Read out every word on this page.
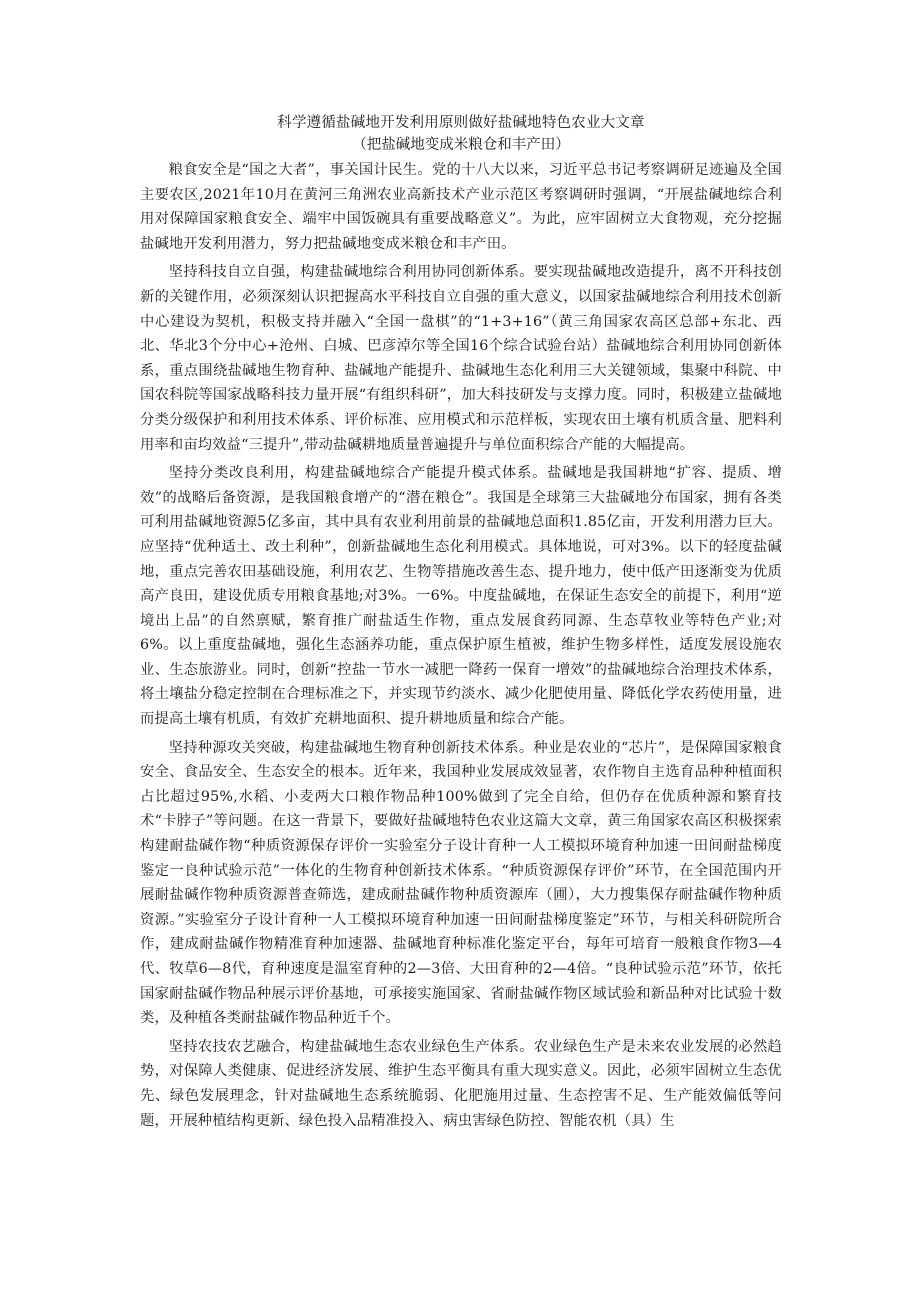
科学遵循盐碱地开发利用原则做好盐碱地特色农业大文章
（把盐碱地变成米粮仓和丰产田）

粮食安全是“国之大者”，事关国计民生。党的十八大以来，习近平总书记考察调研足迹遍及全国主要农区,2021年10月在黄河三角洲农业高新技术产业示范区考察调研时强调，“开展盐碱地综合利用对保障国家粮食安全、端牢中国饭碗具有重要战略意义”。为此，应牢固树立大食物观，充分挖掘盐碱地开发利用潜力，努力把盐碱地变成米粮仓和丰产田。

坚持科技自立自强，构建盐碱地综合利用协同创新体系。要实现盐碱地改造提升，离不开科技创新的关键作用，必须深刻认识把握高水平科技自立自强的重大意义，以国家盐碱地综合利用技术创新中心建设为契机，积极支持并融入“全国一盘棋”的“1+3+16”（黄三角国家农高区总部+东北、西北、华北3个分中心+沧州、白城、巴彦淖尔等全国16个综合试验台站）盐碱地综合利用协同创新体系，重点围绕盐碱地生物育种、盐碱地产能提升、盐碱地生态化利用三大关键领域，集聚中科院、中国农科院等国家战略科技力量开展“有组织科研”，加大科技研发与支撑力度。同时，积极建立盐碱地分类分级保护和利用技术体系、评价标准、应用模式和示范样板，实现农田土壤有机质含量、肥料利用率和亩均效益“三提升”,带动盐碱耕地质量普遍提升与单位面积综合产能的大幅提高。

坚持分类改良利用，构建盐碱地综合产能提升模式体系。盐碱地是我国耕地“扩容、提质、增效”的战略后备资源，是我国粮食增产的“潜在粮仓”。我国是全球第三大盐碱地分布国家，拥有各类可利用盐碱地资源5亿多亩，其中具有农业利用前景的盐碱地总面积1.85亿亩，开发利用潜力巨大。应坚持“优种适土、改土利种”，创新盐碱地生态化利用模式。具体地说，可对3%。以下的轻度盐碱地，重点完善农田基础设施，利用农艺、生物等措施改善生态、提升地力，使中低产田逐渐变为优质高产良田，建设优质专用粮食基地;对3%。一6%。中度盐碱地，在保证生态安全的前提下，利用“逆境出上品”的自然禀赋，繁育推广耐盐适生作物，重点发展食药同源、生态草牧业等特色产业;对6%。以上重度盐碱地，强化生态涵养功能，重点保护原生植被，维护生物多样性，适度发展设施农业、生态旅游业。同时，创新“控盐一节水一减肥一降药一保育一增效”的盐碱地综合治理技术体系，将土壤盐分稳定控制在合理标准之下，并实现节约淡水、减少化肥使用量、降低化学农药使用量，进而提高土壤有机质，有效扩充耕地面积、提升耕地质量和综合产能。

坚持种源攻关突破，构建盐碱地生物育种创新技术体系。种业是农业的“芯片”，是保障国家粮食安全、食品安全、生态安全的根本。近年来，我国种业发展成效显著，农作物自主选育品种种植面积占比超过95%,水稻、小麦两大口粮作物品种100%做到了完全自给，但仍存在优质种源和繁育技术“卡脖子”等问题。在这一背景下，要做好盐碱地特色农业这篇大文章，黄三角国家农高区积极探索构建耐盐碱作物“种质资源保存评价一实验室分子设计育种一人工模拟环境育种加速一田间耐盐梯度鉴定一良种试验示范”一体化的生物育种创新技术体系。“种质资源保存评价”环节，在全国范围内开展耐盐碱作物种质资源普查筛选，建成耐盐碱作物种质资源库（圃），大力搜集保存耐盐碱作物种质资源。”实验室分子设计育种一人工模拟环境育种加速一田间耐盐梯度鉴定”环节，与相关科研院所合作，建成耐盐碱作物精准育种加速器、盐碱地育种标准化鉴定平台，每年可培育一般粮食作物3—4代、牧草6—8代，育种速度是温室育种的2—3倍、大田育种的2—4倍。“良种试验示范”环节，依托国家耐盐碱作物品种展示评价基地，可承接实施国家、省耐盐碱作物区域试验和新品种对比试验十数类，及种植各类耐盐碱作物品种近千个。

坚持农技农艺融合，构建盐碱地生态农业绿色生产体系。农业绿色生产是未来农业发展的必然趋势，对保障人类健康、促进经济发展、维护生态平衡具有重大现实意义。因此，必须牢固树立生态优先、绿色发展理念，针对盐碱地生态系统脆弱、化肥施用过量、生态控害不足、生产能效偏低等问题，开展种植结构更新、绿色投入品精准投入、病虫害绿色防控、智能农机（具）生
